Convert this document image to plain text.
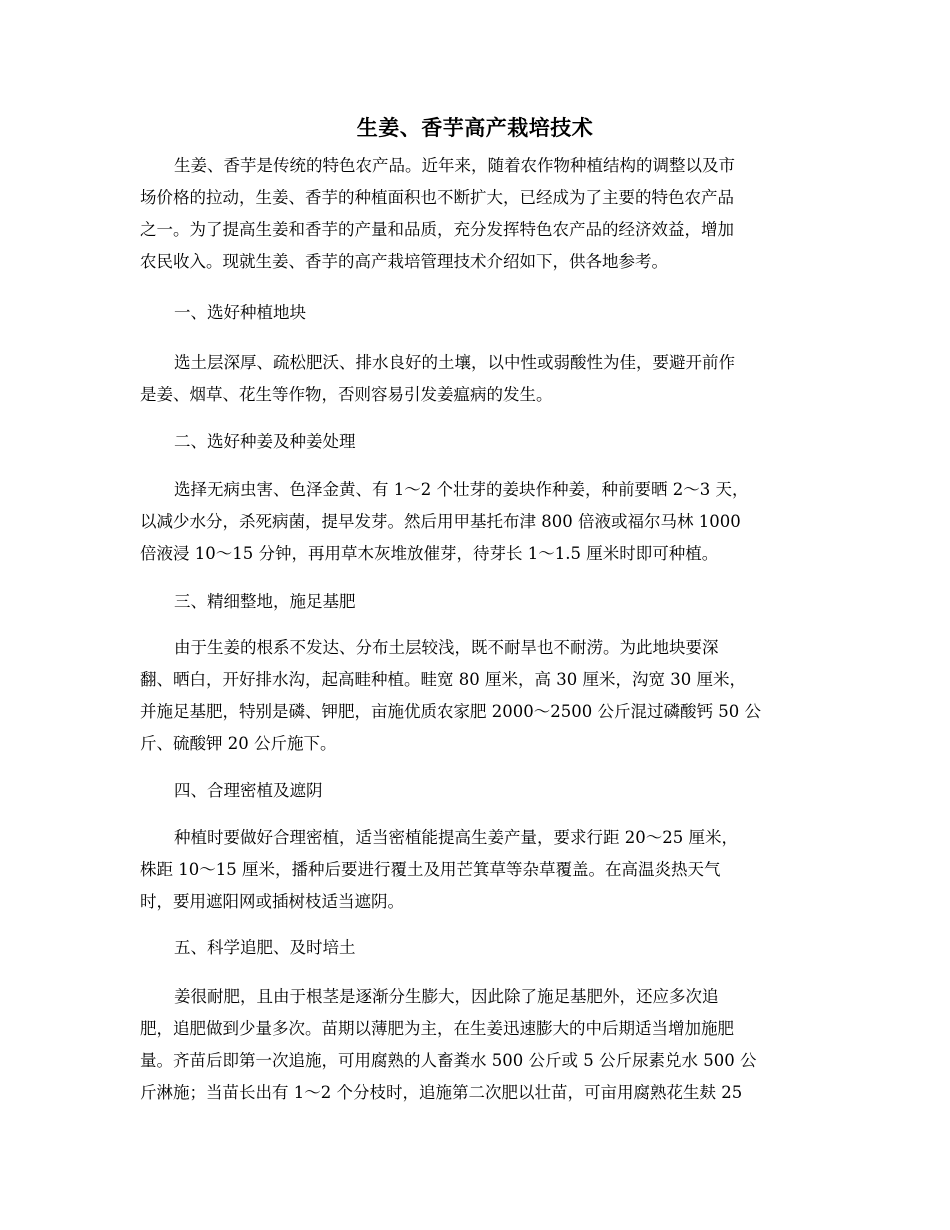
生姜、香芋高产栽培技术
生姜、香芋是传统的特色农产品。近年来，随着农作物种植结构的调整以及市
场价格的拉动，生姜、香芋的种植面积也不断扩大，已经成为了主要的特色农产品
之一。为了提高生姜和香芋的产量和品质，充分发挥特色农产品的经济效益，增加
农民收入。现就生姜、香芋的高产栽培管理技术介绍如下，供各地参考。
一、选好种植地块
选土层深厚、疏松肥沃、排水良好的土壤，以中性或弱酸性为佳，要避开前作
是姜、烟草、花生等作物，否则容易引发姜瘟病的发生。
二、选好种姜及种姜处理
选择无病虫害、色泽金黄、有 1～2 个壮芽的姜块作种姜，种前要晒 2～3 天，
以减少水分，杀死病菌，提早发芽。然后用甲基托布津 800 倍液或福尔马林 1000
倍液浸 10～15 分钟，再用草木灰堆放催芽，待芽长 1～1.5 厘米时即可种植。
三、精细整地，施足基肥
由于生姜的根系不发达、分布土层较浅，既不耐旱也不耐涝。为此地块要深
翻、晒白，开好排水沟，起高畦种植。畦宽 80 厘米，高 30 厘米，沟宽 30 厘米，
并施足基肥，特别是磷、钾肥，亩施优质农家肥 2000～2500 公斤混过磷酸钙 50 公
斤、硫酸钾 20 公斤施下。
四、合理密植及遮阴
种植时要做好合理密植，适当密植能提高生姜产量，要求行距 20～25 厘米，
株距 10～15 厘米，播种后要进行覆土及用芒箕草等杂草覆盖。在高温炎热天气
时，要用遮阳网或插树枝适当遮阴。
五、科学追肥、及时培土
姜很耐肥，且由于根茎是逐渐分生膨大，因此除了施足基肥外，还应多次追
肥，追肥做到少量多次。苗期以薄肥为主，在生姜迅速膨大的中后期适当增加施肥
量。齐苗后即第一次追施，可用腐熟的人畜粪水 500 公斤或 5 公斤尿素兑水 500 公
斤淋施；当苗长出有 1～2 个分枝时，追施第二次肥以壮苗，可亩用腐熟花生麸 25
